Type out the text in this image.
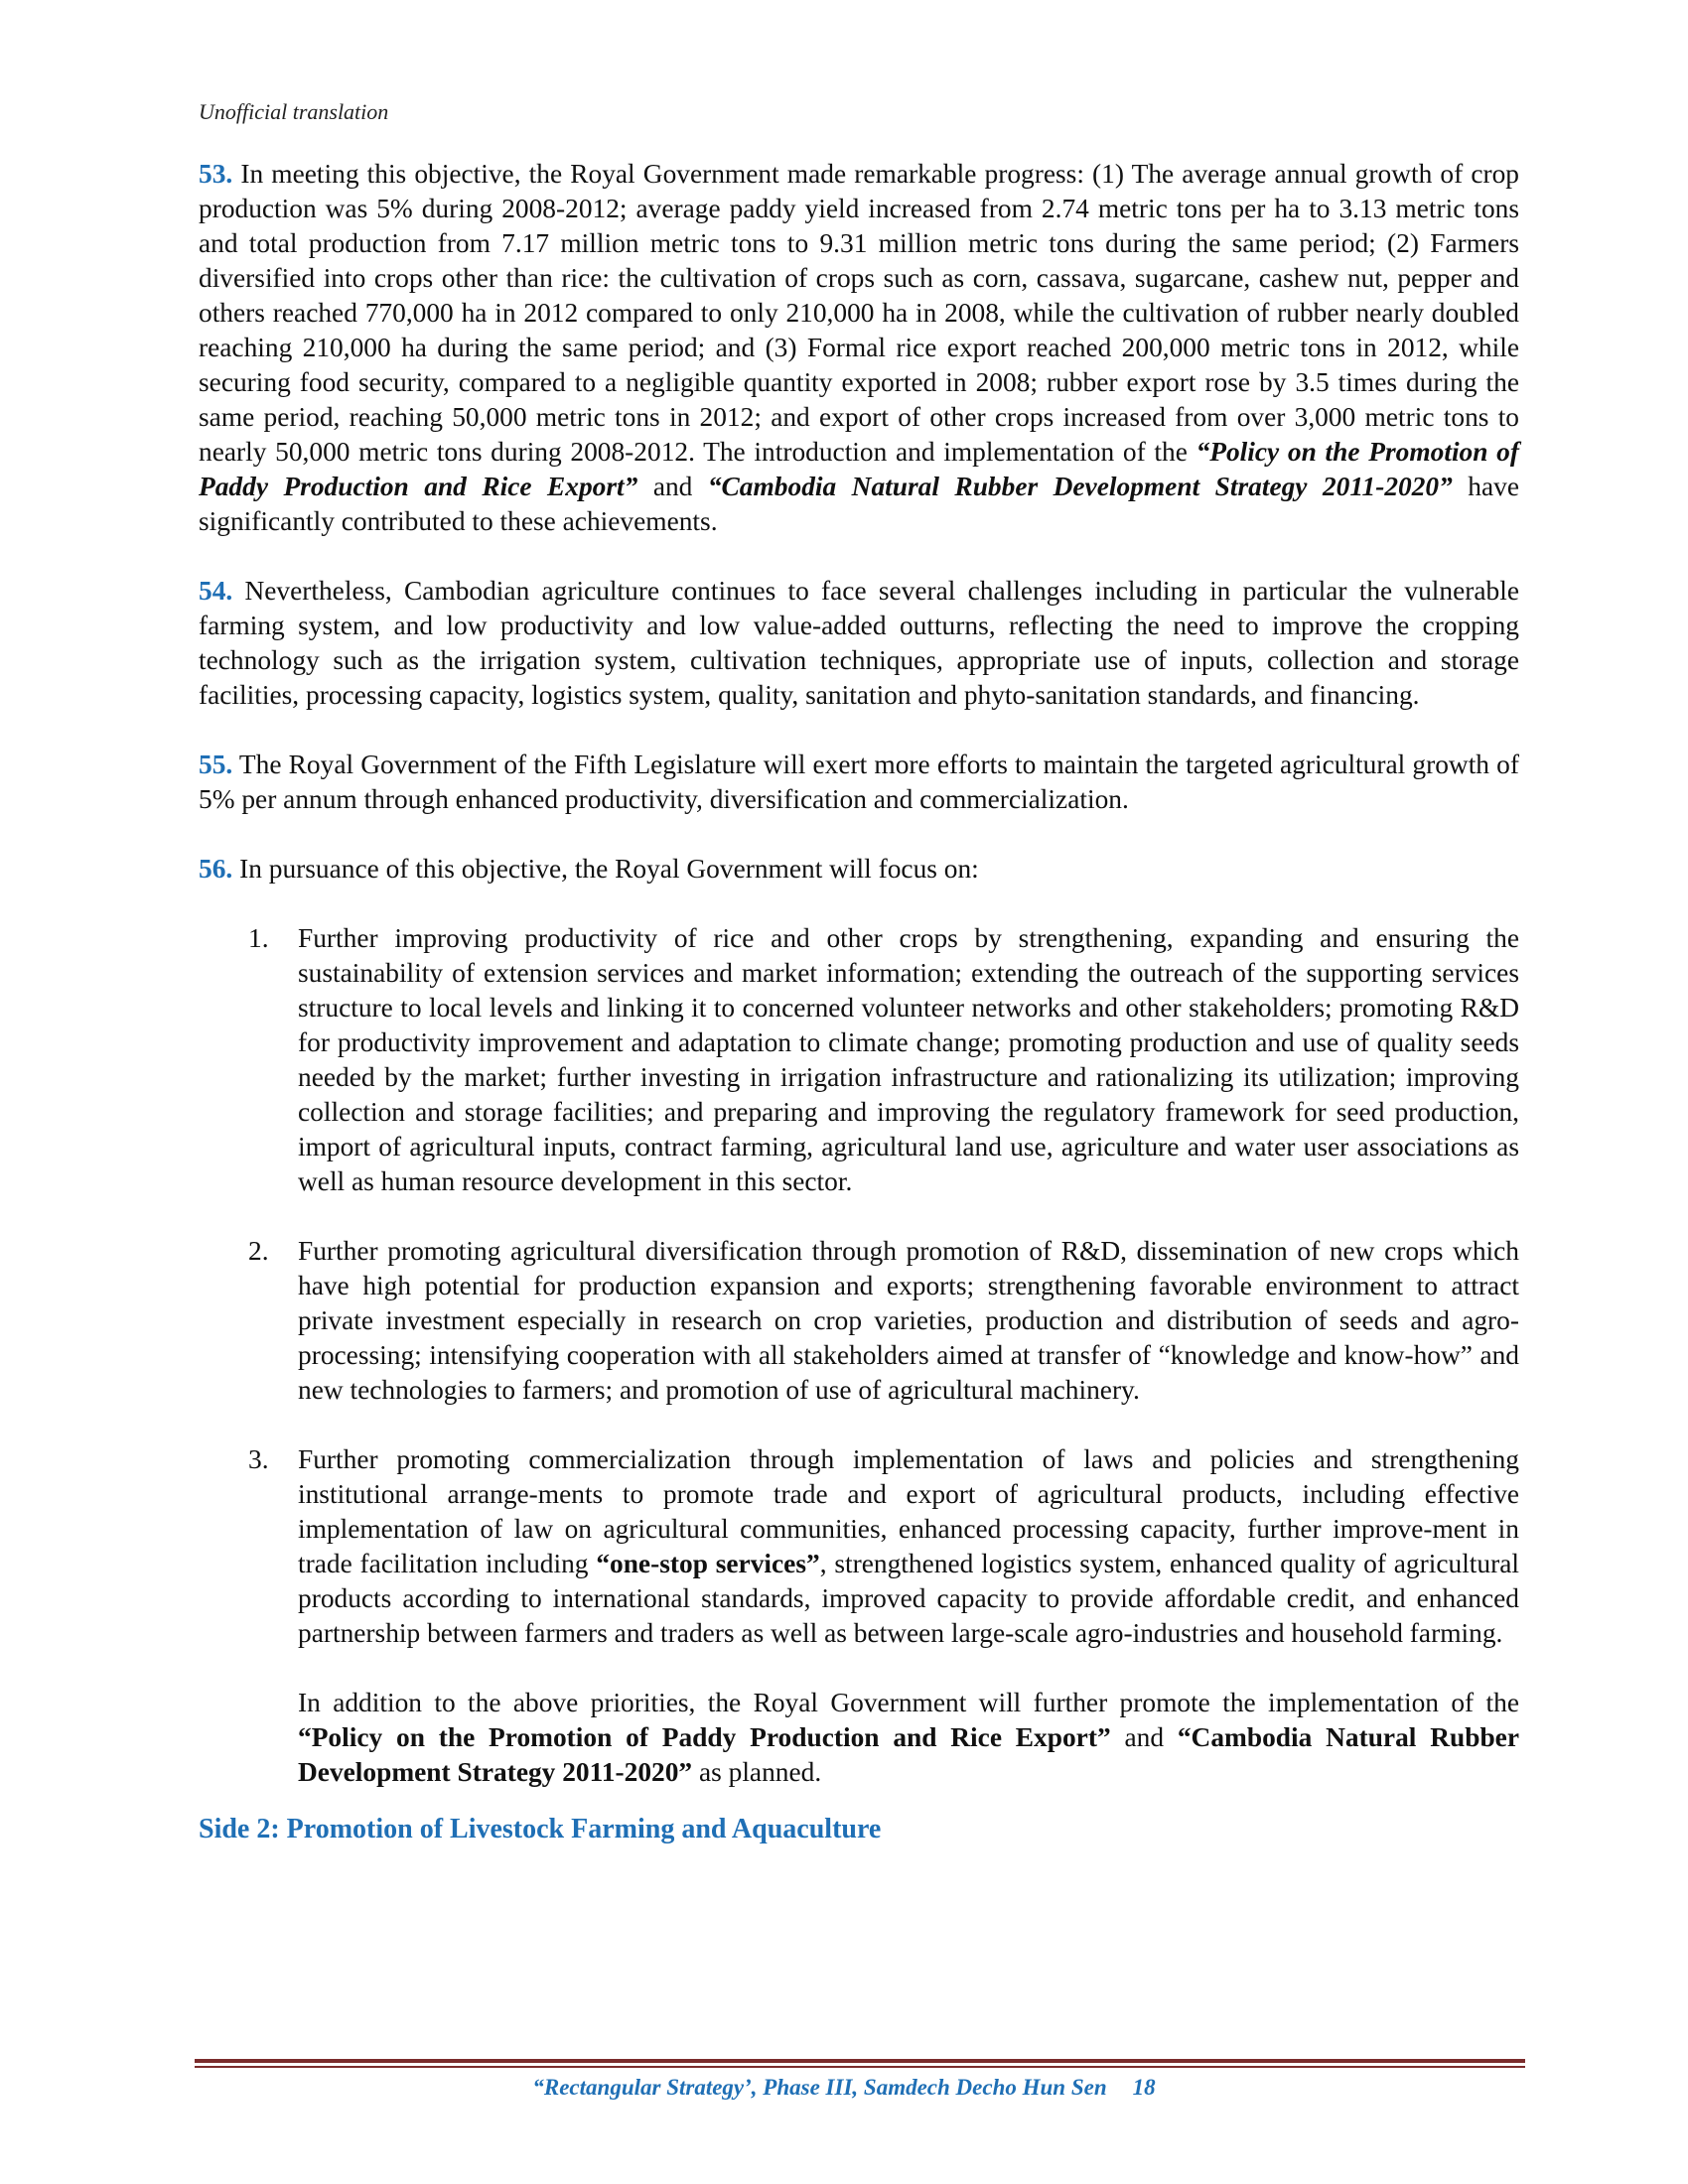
Unofficial translation

53. In meeting this objective, the Royal Government made remarkable progress: (1) The average annual growth of crop production was 5% during 2008-2012; average paddy yield increased from 2.74 metric tons per ha to 3.13 metric tons and total production from 7.17 million metric tons to 9.31 million metric tons during the same period; (2) Farmers diversified into crops other than rice: the cultivation of crops such as corn, cassava, sugarcane, cashew nut, pepper and others reached 770,000 ha in 2012 compared to only 210,000 ha in 2008, while the cultivation of rubber nearly doubled reaching 210,000 ha during the same period; and (3) Formal rice export reached 200,000 metric tons in 2012, while securing food security, compared to a negligible quantity exported in 2008; rubber export rose by 3.5 times during the same period, reaching 50,000 metric tons in 2012; and export of other crops increased from over 3,000 metric tons to nearly 50,000 metric tons during 2008-2012. The introduction and implementation of the “Policy on the Promotion of Paddy Production and Rice Export” and “Cambodia Natural Rubber Development Strategy 2011-2020” have significantly contributed to these achievements.

54. Nevertheless, Cambodian agriculture continues to face several challenges including in particular the vulnerable farming system, and low productivity and low value-added outturns, reflecting the need to improve the cropping technology such as the irrigation system, cultivation techniques, appropriate use of inputs, collection and storage facilities, processing capacity, logistics system, quality, sanitation and phyto-sanitation standards, and financing.

55. The Royal Government of the Fifth Legislature will exert more efforts to maintain the targeted agricultural growth of 5% per annum through enhanced productivity, diversification and commercialization.

56. In pursuance of this objective, the Royal Government will focus on:

1. Further improving productivity of rice and other crops by strengthening, expanding and ensuring the sustainability of extension services and market information; extending the outreach of the supporting services structure to local levels and linking it to concerned volunteer networks and other stakeholders; promoting R&D for productivity improvement and adaptation to climate change; promoting production and use of quality seeds needed by the market; further investing in irrigation infrastructure and rationalizing its utilization; improving collection and storage facilities; and preparing and improving the regulatory framework for seed production, import of agricultural inputs, contract farming, agricultural land use, agriculture and water user associations as well as human resource development in this sector.
2. Further promoting agricultural diversification through promotion of R&D, dissemination of new crops which have high potential for production expansion and exports; strengthening favorable environment to attract private investment especially in research on crop varieties, production and distribution of seeds and agro-processing; intensifying cooperation with all stakeholders aimed at transfer of “knowledge and know-how” and new technologies to farmers; and promotion of use of agricultural machinery.
3. Further promoting commercialization through implementation of laws and policies and strengthening institutional arrange-ments to promote trade and export of agricultural products, including effective implementation of law on agricultural communities, enhanced processing capacity, further improve-ment in trade facilitation including “one-stop services”, strengthened logistics system, enhanced quality of agricultural products according to international standards, improved capacity to provide affordable credit, and enhanced partnership between farmers and traders as well as between large-scale agro-industries and household farming.

In addition to the above priorities, the Royal Government will further promote the implementation of the “Policy on the Promotion of Paddy Production and Rice Export” and “Cambodia Natural Rubber Development Strategy 2011-2020” as planned.

Side 2: Promotion of Livestock Farming and Aquaculture
“Rectangular Strategy’, Phase III, Samdech Decho Hun Sen 18
